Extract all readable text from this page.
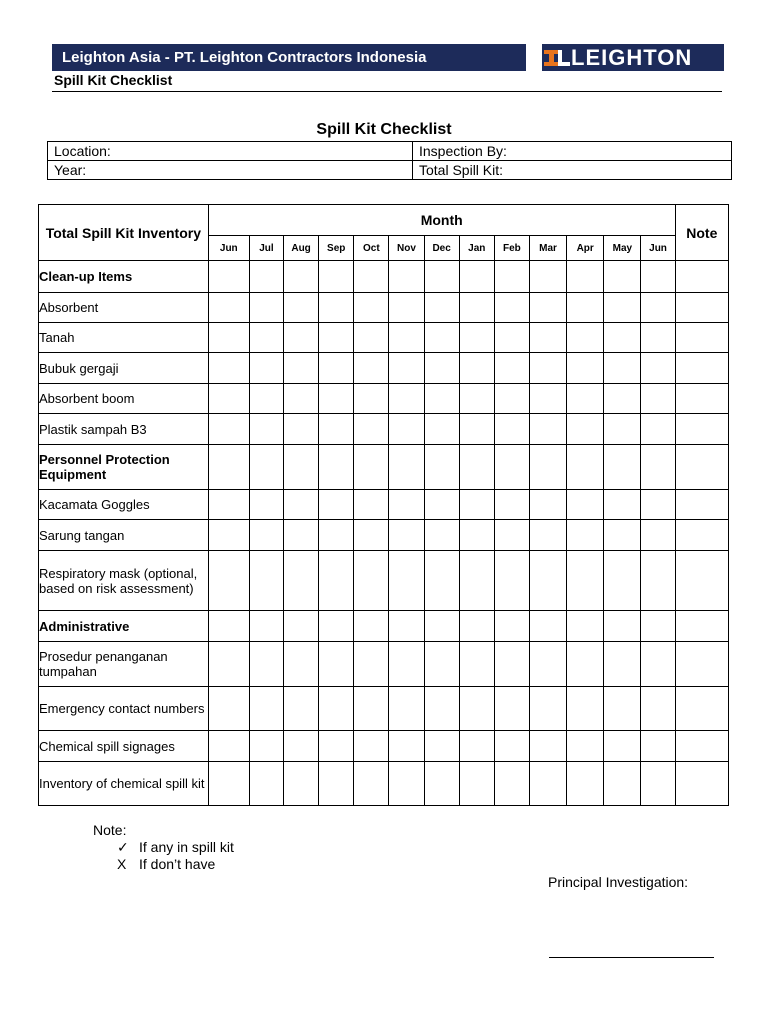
Leighton Asia - PT. Leighton Contractors Indonesia	LEIGHTON
Spill Kit Checklist
Spill Kit Checklist
Location:	Inspection By:
Year:	Total Spill Kit:
Total Spill Kit Inventory	Month													Note
	Jun	Jul	Aug	Sep	Oct	Nov	Dec	Jan	Feb	Mar	Apr	May	Jun	
Clean-up Items														
Absorbent														
Tanah														
Bubuk gergaji														
Absorbent boom														
Plastik sampah B3														
Personnel Protection Equipment														
Kacamata Goggles														
Sarung tangan														
Respiratory mask (optional, based on risk assessment)														
Administrative														
Prosedur penanganan tumpahan														
Emergency contact numbers														
Chemical spill signages														
Inventory of chemical spill kit														
Note:
✓ If any in spill kit
X If don’t have
Principal Investigation:
